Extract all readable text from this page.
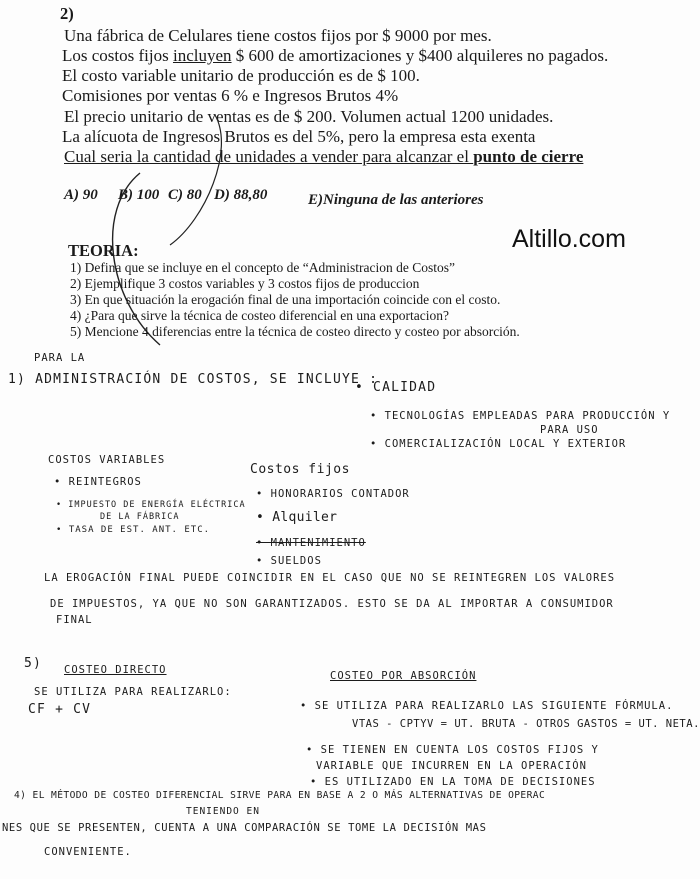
2)
Una fábrica de Celulares tiene costos fijos por $ 9000 por mes.
Los costos fijos incluyen $ 600 de amortizaciones y $400 alquileres no pagados.
El costo variable unitario de producción es de $ 100.
Comisiones por ventas 6 % e Ingresos Brutos 4%
El precio unitario de ventas es de $ 200. Volumen actual 1200 unidades.
La alícuota de Ingresos Brutos es del 5%, pero la empresa esta exenta
Cual seria la cantidad de unidades a vender para alcanzar el punto de cierre
A) 90 B) 100 C) 80 D) 88,80	E)Ninguna de las anteriores
Altillo.com
TEORIA:
1) Defina que se incluye en el concepto de “Administracion de Costos”
2) Ejemplifique 3 costos variables y 3 costos fijos de produccion
3) En que situación la erogación final de una importación coincide con el costo.
4) ¿Para que sirve la técnica de costeo diferencial en una exportacion?
5) Mencione 4 diferencias entre la técnica de costeo directo y costeo por absorción.
PARA LA
1) ADMINISTRACIÓN DE COSTOS, SE INCLUYE :
• CALIDAD
• TECNOLOGÍAS EMPLEADAS PARA PRODUCCIÓN Y
PARA USO
• COMERCIALIZACIÓN LOCAL Y EXTERIOR
COSTOS VARIABLES
• REINTEGROS
• IMPUESTO DE ENERGÍA ELÉCTRICA
DE LA FÁBRICA
• TASA DE EST. ANT. ETC.
Costos fijos
• HONORARIOS CONTADOR
• Alquiler
• MANTENIMIENTO
• SUELDOS
LA EROGACIÓN FINAL PUEDE COINCIDIR EN EL CASO QUE NO SE REINTEGREN LOS VALORES
DE IMPUESTOS, YA QUE NO SON GARANTIZADOS. ESTO SE DA AL IMPORTAR A CONSUMIDOR
FINAL
5) COSTEO DIRECTO
SE UTILIZA PARA REALIZARLO:
CF + CV
COSTEO POR ABSORCIÓN
• SE UTILIZA PARA REALIZARLO LAS SIGUIENTE FÓRMULA.
VTAS - CPTYV = UT. BRUTA - OTROS GASTOS = UT. NETA.
• SE TIENEN EN CUENTA LOS COSTOS FIJOS Y
VARIABLE QUE INCURREN EN LA OPERACIÓN
• ES UTILIZADO EN LA TOMA DE DECISIONES
4) EL MÉTODO DE COSTEO DIFERENCIAL SIRVE PARA EN BASE A 2 O MÁS ALTERNATIVAS DE OPERAC
TENIENDO EN
NES QUE SE PRESENTEN, CUENTA A UNA COMPARACIÓN SE TOME LA DECISIÓN MAS
CONVENIENTE.
